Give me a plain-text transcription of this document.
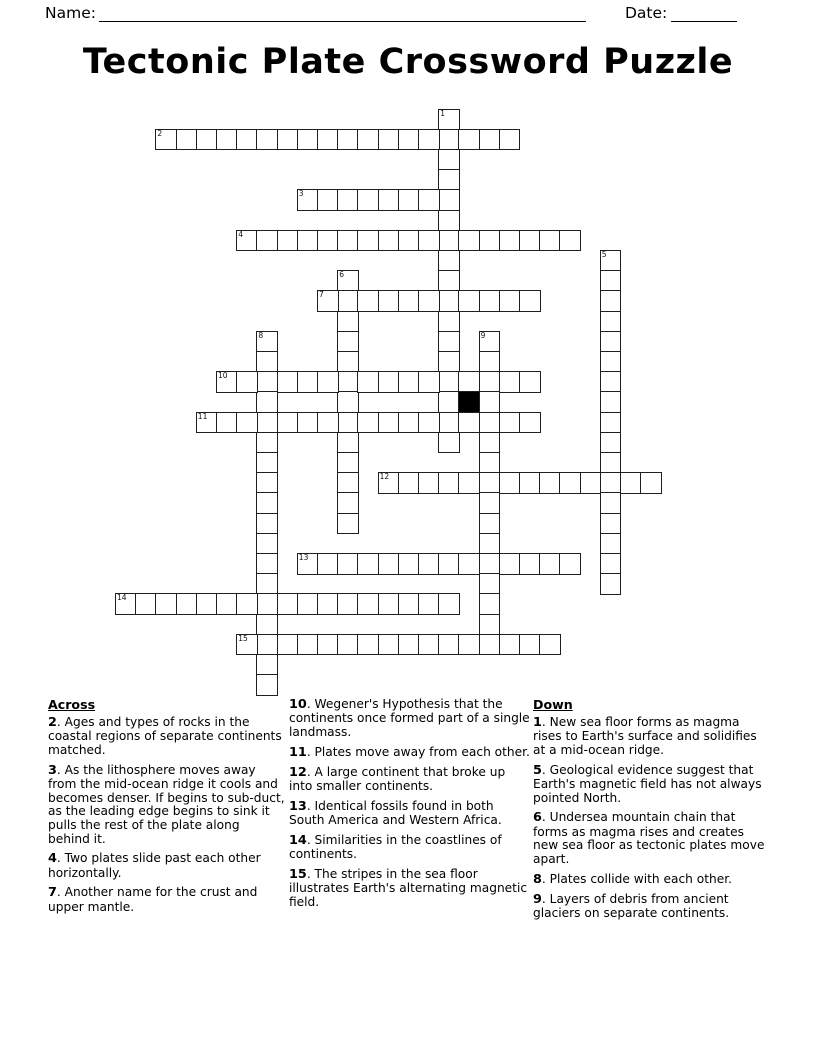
Name:	Date:
Tectonic Plate Crossword Puzzle
1
2
3
4
5
6
7
8	9
10
11
12
13
14
15
Across

2. Ages and types of rocks in the coastal regions of separate continents matched.

3. As the lithosphere moves away from the mid-ocean ridge it cools and becomes denser. If begins to sub-duct, as the leading edge begins to sink it pulls the rest of the plate along behind it.

4. Two plates slide past each other horizontally.

7. Another name for the crust and upper mantle.

10. Wegener's Hypothesis that the continents once formed part of a single landmass.

11. Plates move away from each other.

12. A large continent that broke up into smaller continents.

13. Identical fossils found in both South America and Western Africa.

14. Similarities in the coastlines of continents.

15. The stripes in the sea floor illustrates Earth's alternating magnetic field.

Down

1. New sea floor forms as magma rises to Earth's surface and solidifies at a mid-ocean ridge.

5. Geological evidence suggest that Earth's magnetic field has not always pointed North.

6. Undersea mountain chain that forms as magma rises and creates new sea floor as tectonic plates move apart.

8. Plates collide with each other.

9. Layers of debris from ancient glaciers on separate continents.
